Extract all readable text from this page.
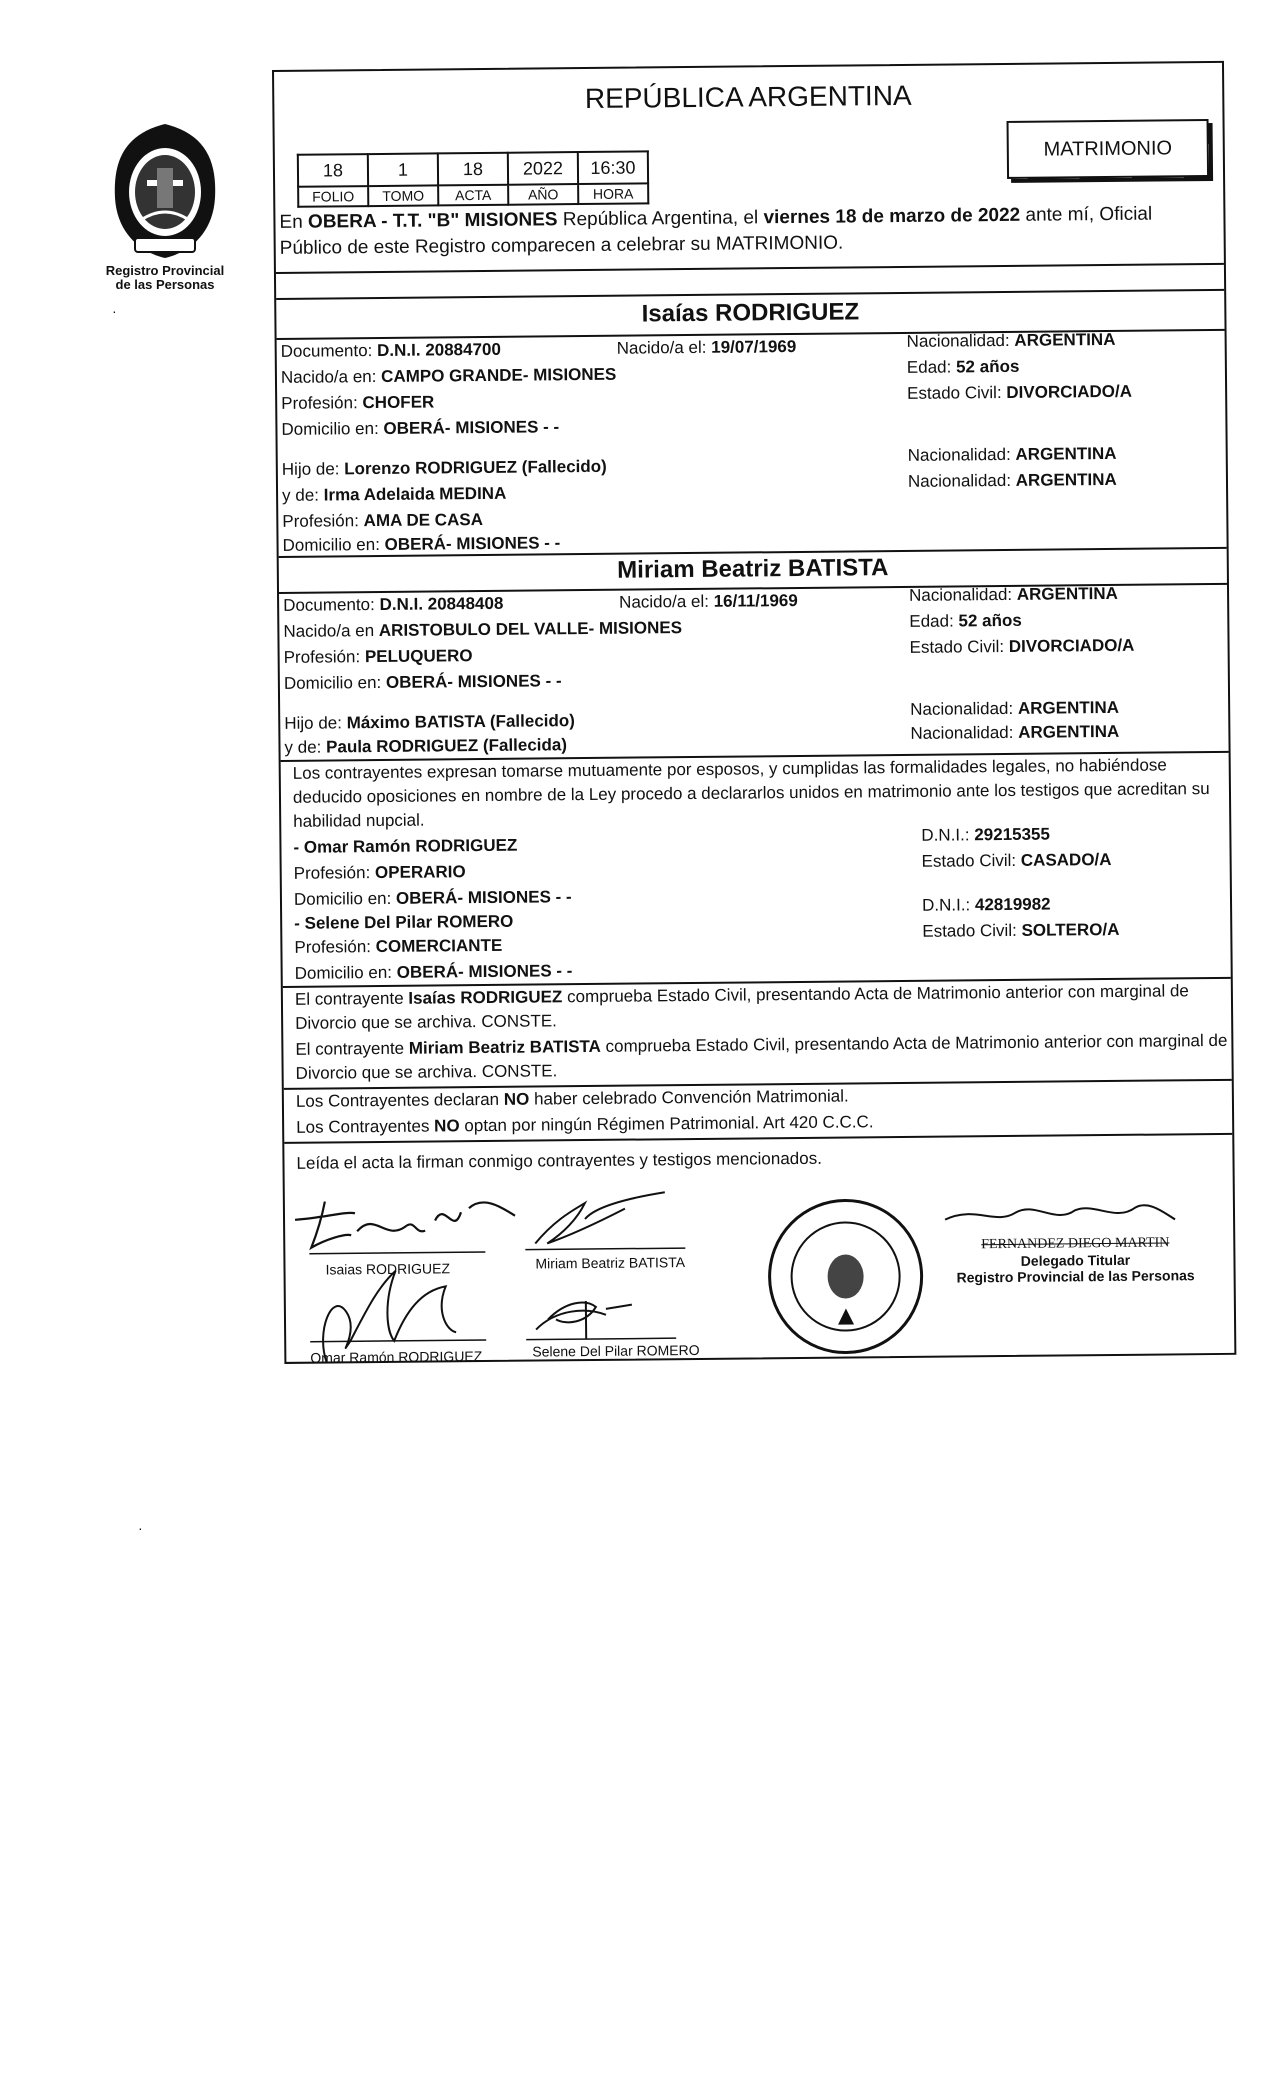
Registro Provincial
de las Personas
·
·
REPÚBLICA ARGENTINA
18	1	18	2022	16:30
FOLIO	TOMO	ACTA	AÑO	HORA
MATRIMONIO
En OBERA - T.T. "B" MISIONES República Argentina, el viernes 18 de marzo de 2022 ante mí, Oficial Público de este Registro comparecen a celebrar su MATRIMONIO.
Isaías RODRIGUEZ
Documento: D.N.I. 20884700	Nacido/a el: 19/07/1969	Nacionalidad: ARGENTINA
Nacido/a en: CAMPO GRANDE- MISIONES	Edad: 52 años
Estado Civil: DIVORCIADO/A
Profesión: CHOFER
Domicilio en: OBERÁ- MISIONES - -
Hijo de: Lorenzo RODRIGUEZ (Fallecido)
Nacionalidad: ARGENTINA
y de: Irma Adelaida MEDINA
Nacionalidad: ARGENTINA
Profesión: AMA DE CASA
Domicilio en: OBERÁ- MISIONES - -
Miriam Beatriz BATISTA
Documento: D.N.I. 20848408	Nacido/a el: 16/11/1969	Nacionalidad: ARGENTINA
Nacido/a en ARISTOBULO DEL VALLE- MISIONES	Edad: 52 años
Estado Civil: DIVORCIADO/A
Profesión: PELUQUERO
Domicilio en: OBERÁ- MISIONES - -
Hijo de: Máximo BATISTA (Fallecido)
Nacionalidad: ARGENTINA
y de: Paula RODRIGUEZ (Fallecida)
Nacionalidad: ARGENTINA
Los contrayentes expresan tomarse mutuamente por esposos, y cumplidas las formalidades legales, no habiéndose deducido oposiciones en nombre de la Ley procedo a declararlos unidos en matrimonio ante los testigos que acreditan su habilidad nupcial.
- Omar Ramón RODRIGUEZ
D.N.I.: 29215355
Profesión: OPERARIO
Estado Civil: CASADO/A
Domicilio en: OBERÁ- MISIONES - -
- Selene Del Pilar ROMERO
D.N.I.: 42819982
Profesión: COMERCIANTE
Estado Civil: SOLTERO/A
Domicilio en: OBERÁ- MISIONES - -
El contrayente Isaías RODRIGUEZ comprueba Estado Civil, presentando Acta de Matrimonio anterior con marginal de Divorcio que se archiva. CONSTE.
El contrayente Miriam Beatriz BATISTA comprueba Estado Civil, presentando Acta de Matrimonio anterior con marginal de Divorcio que se archiva. CONSTE.
Los Contrayentes declaran NO haber celebrado Convención Matrimonial.
Los Contrayentes NO optan por ningún Régimen Patrimonial. Art 420 C.C.C.
Leída el acta la firman conmigo contrayentes y testigos mencionados.
Isaias RODRIGUEZ	Miriam Beatriz BATISTA
Omar Ramón RODRIGUEZ	Selene Del Pilar ROMERO
FERNANDEZ DIEGO MARTIN
Delegado Titular
Registro Provincial de las Personas
